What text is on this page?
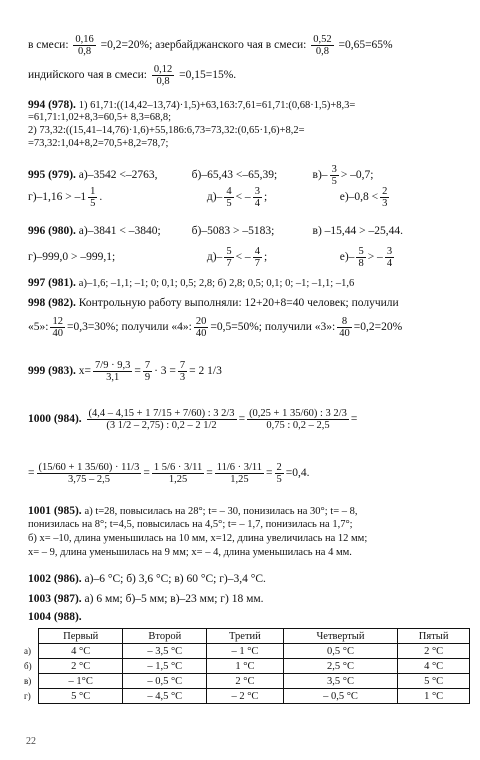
в смеси: $\frac{0,16}{0,8} =0,2=20\%$; азербайджанского чая в смеси: $\frac{0,52}{0,8} =0,65=65\%$
индийского чая в смеси: $\frac{0,12}{0,8} =0,15=15\%$.
994 (978). 1) 61,71:((14,42–13,74)·1,5)+63,163:7,61=61,71:(0,68·1,5)+8,3=
=61,71:1,02+8,3=60,5+ 8,3=68,8;
2) 73,32:((15,41–14,76)·1,6)+55,186:6,73=73,32:(0,65·1,6)+8,2=
=73,32:1,04+8,2=70,5+8,2=78,7;
995 (979). а)–3542 <–2763,	б)–65,43 <–65,39;	$в)- \frac{3}{5} > -0,7$;
$г)-1,16 > -1 \frac{1}{5}$ .	$д)- \frac{4}{5}$ < – $\frac{3}{4}$ ;	$е)-0,8 < \frac{2}{3}$
996 (980). а)–3841 < –3840;	б)–5083 > –5183;	в) –15,44 > –25,44.
г)–999,0 > –999,1;	$д)- \frac{5}{7}$ < – $\frac{4}{7}$ ;	$е)- \frac{5}{8}$ > – $\frac{3}{4}$
997 (981). а)–1,6; –1,1; –1; 0; 0,1; 0,5; 2,8; б) 2,8; 0,5; 0,1; 0; –1; –1,1; –1,6
998 (982). Контрольную работу выполняли: 12+20+8=40 человек; получили
«5»: $\frac{12}{40} =0,3=30\%$; получили «4»: $\frac{20}{40} =0,5=50\%$; получили «3»: $\frac{8}{40} =0,2=20\%$
999 (983). $x= \frac{7/9 \cdot 9,3}{3,1} = \frac{7}{9} \cdot 3 = \frac{7}{3} = 2$ 1/3
1000 (984). $\frac{(4,4 - 4,15 + 1 7/15 + 7/60) : 3 2/3}{(3 1/2 - 2,75) : 0,2 - 2 1/2} = \frac{(0,25 + 1 35/60) : 3 2/3}{0,75 : 0,2 - 2,5}$ =
= $\frac{(15/60 + 1 35/60) \cdot 11/3}{3,75 - 2,5} = \frac{1 5/6 \cdot 3/11}{1,25} = \frac{11/6 \cdot 3/11}{1,25} = \frac{2}{5} =0,4$.
1001 (985). а) t=28, повысилась на 28°; t= – 30, понизилась на 30°; t= – 8,
понизилась на 8°; t=4,5, повысилась на 4,5°; t= – 1,7, понизилась на 1,7°;
б) x= –10, длина уменьшилась на 10 мм, x=12, длина увеличилась на 12 мм;
x= – 9, длина уменьшилась на 9 мм; x= – 4, длина уменьшилась на 4 мм.
1002 (986). а)–6 °С; б) 3,6 °С; в) 60 °С; г)–3,4 °С.
1003 (987). а) 6 мм; б)–5 мм; в)–23 мм; г) 18 мм.
1004 (988).
	Первый	Второй	Третий	Четвертый	Пятый
а)	4 °С	– 3,5 °С	– 1 °С	0,5 °С	2 °С
б)	2 °С	– 1,5 °С	1 °С	2,5 °С	4 °С
в)	– 1°С	– 0,5 °С	2 °С	3,5 °С	5 °С
г)	5 °С	– 4,5 °С	– 2 °С	– 0,5 °С	1 °С
22
